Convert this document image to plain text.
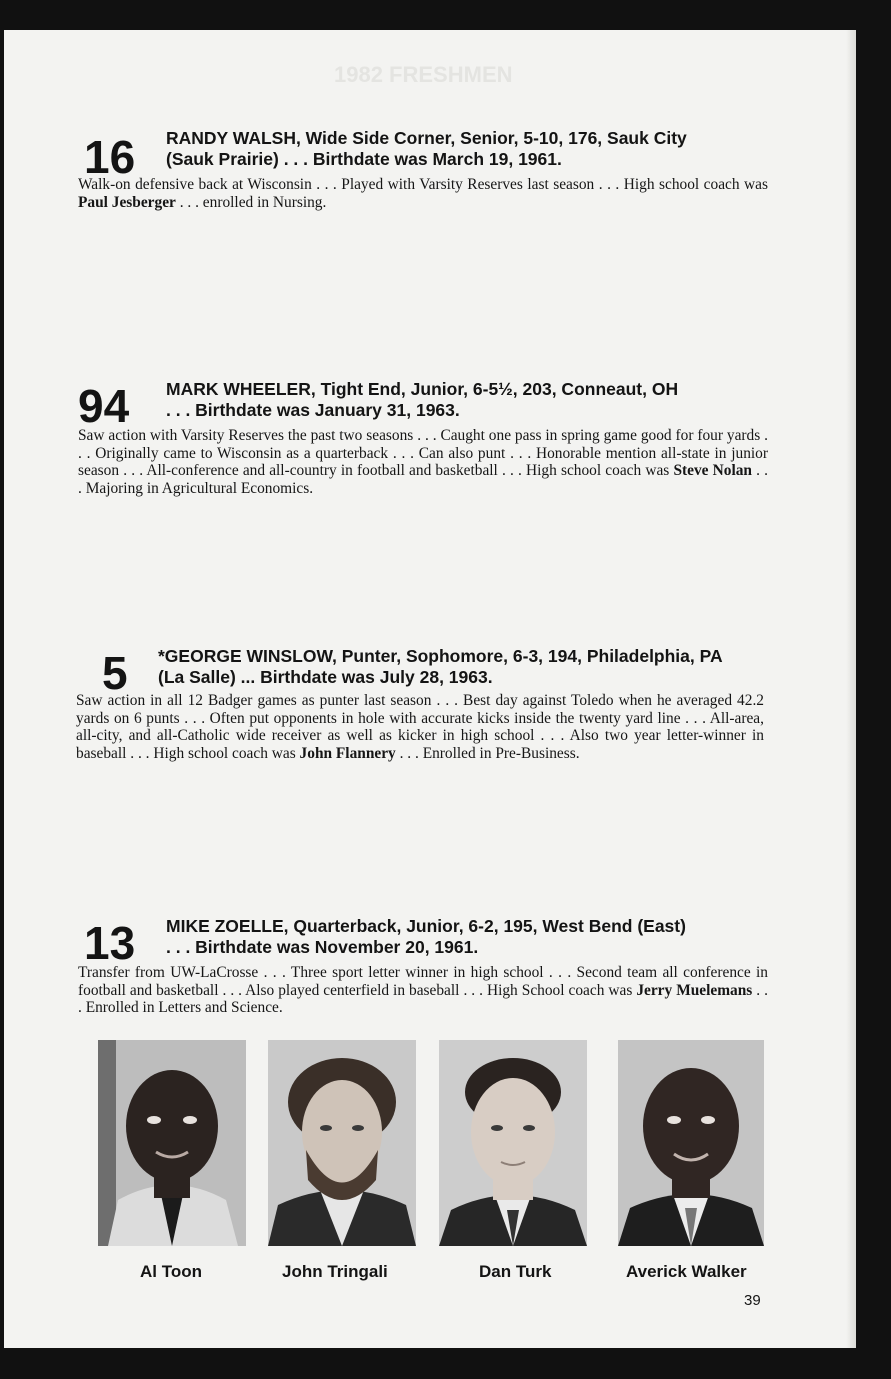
1982 FRESHMEN
16 RANDY WALSH, Wide Side Corner, Senior, 5-10, 176, Sauk City
(Sauk Prairie) . . . Birthdate was March 19, 1961.
Walk-on defensive back at Wisconsin . . . Played with Varsity Reserves last season . . . High school coach was Paul Jesberger . . . enrolled in Nursing.
94 MARK WHEELER, Tight End, Junior, 6-5½, 203, Conneaut, OH
. . . Birthdate was January 31, 1963.
Saw action with Varsity Reserves the past two seasons . . . Caught one pass in spring game good for four yards . . . Originally came to Wisconsin as a quarterback . . . Can also punt . . . Honorable mention all-state in junior season . . . All-conference and all-country in football and basketball . . . High school coach was Steve Nolan . . . Majoring in Agricultural Economics.
5 *GEORGE WINSLOW, Punter, Sophomore, 6-3, 194, Philadelphia, PA
(La Salle) ... Birthdate was July 28, 1963.
Saw action in all 12 Badger games as punter last season . . . Best day against Toledo when he averaged 42.2 yards on 6 punts . . . Often put opponents in hole with accurate kicks inside the twenty yard line . . . All-area, all-city, and all-Catholic wide receiver as well as kicker in high school . . . Also two year letter-winner in baseball . . . High school coach was John Flannery . . . Enrolled in Pre-Business.
13 MIKE ZOELLE, Quarterback, Junior, 6-2, 195, West Bend (East)
. . . Birthdate was November 20, 1961.
Transfer from UW-LaCrosse . . . Three sport letter winner in high school . . . Second team all conference in football and basketball . . . Also played centerfield in baseball . . . High School coach was Jerry Muelemans . . . Enrolled in Letters and Science.
Al Toon	John Tringali	Dan Turk	Averick Walker
39
